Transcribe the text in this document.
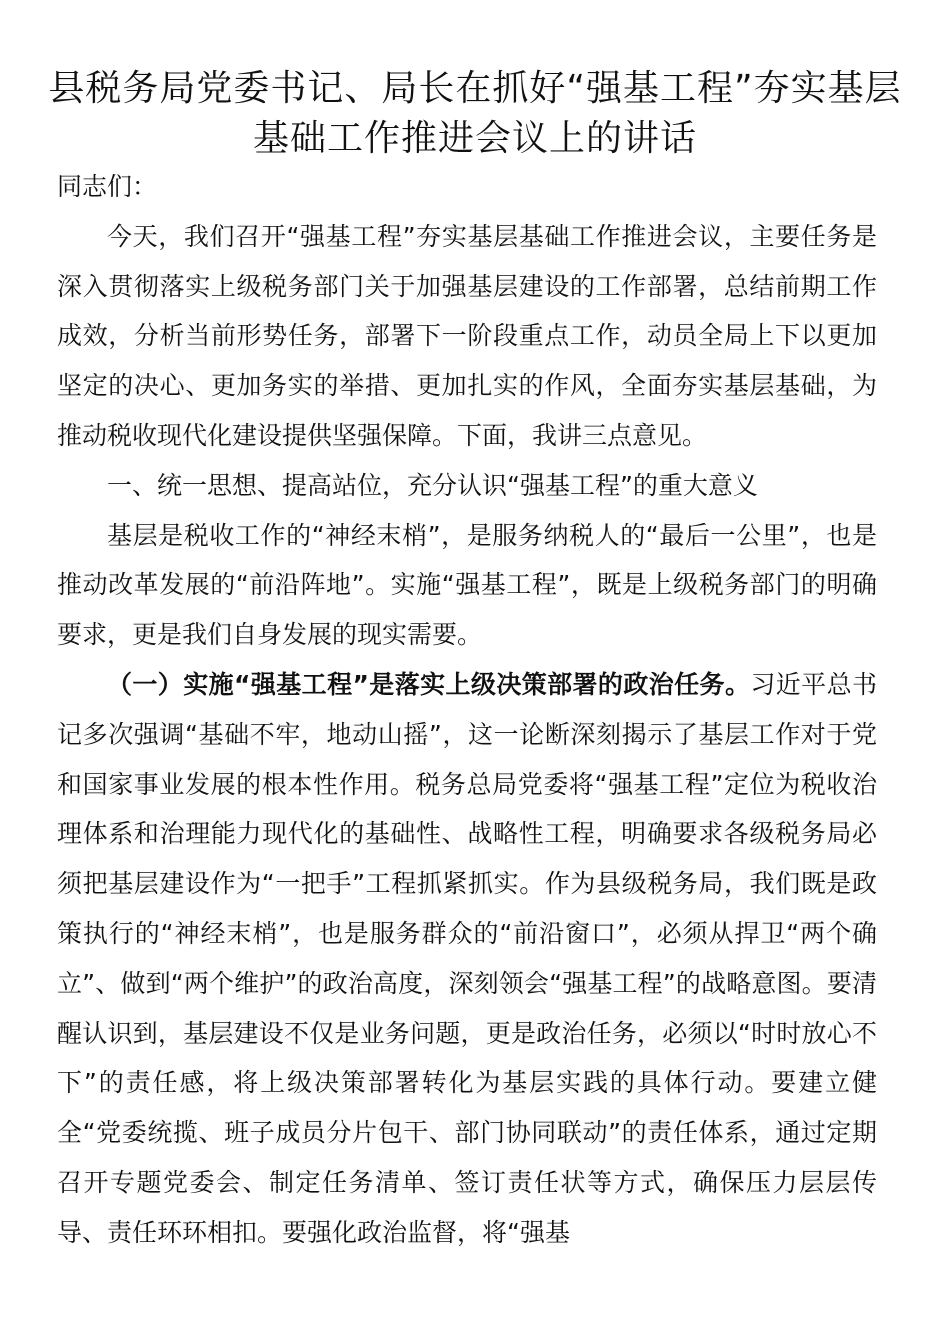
县税务局党委书记、局长在抓好“强基工程”夯实基层基础工作推进会议上的讲话

同志们：

今天，我们召开“强基工程”夯实基层基础工作推进会议，主要任务是深入贯彻落实上级税务部门关于加强基层建设的工作部署，总结前期工作成效，分析当前形势任务，部署下一阶段重点工作，动员全局上下以更加坚定的决心、更加务实的举措、更加扎实的作风，全面夯实基层基础，为推动税收现代化建设提供坚强保障。下面，我讲三点意见。

一、统一思想、提高站位，充分认识“强基工程”的重大意义

基层是税收工作的“神经末梢”，是服务纳税人的“最后一公里”，也是推动改革发展的“前沿阵地”。实施“强基工程”，既是上级税务部门的明确要求，更是我们自身发展的现实需要。

（一）实施“强基工程”是落实上级决策部署的政治任务。习近平总书记多次强调“基础不牢，地动山摇”，这一论断深刻揭示了基层工作对于党和国家事业发展的根本性作用。税务总局党委将“强基工程”定位为税收治理体系和治理能力现代化的基础性、战略性工程，明确要求各级税务局必须把基层建设作为“一把手”工程抓紧抓实。作为县级税务局，我们既是政策执行的“神经末梢”，也是服务群众的“前沿窗口”，必须从捍卫“两个确立”、做到“两个维护”的政治高度，深刻领会“强基工程”的战略意图。要清醒认识到，基层建设不仅是业务问题，更是政治任务，必须以“时时放心不下”的责任感，将上级决策部署转化为基层实践的具体行动。要建立健全“党委统揽、班子成员分片包干、部门协同联动”的责任体系，通过定期召开专题党委会、制定任务清单、签订责任状等方式，确保压力层层传导、责任环环相扣。要强化政治监督，将“强基
